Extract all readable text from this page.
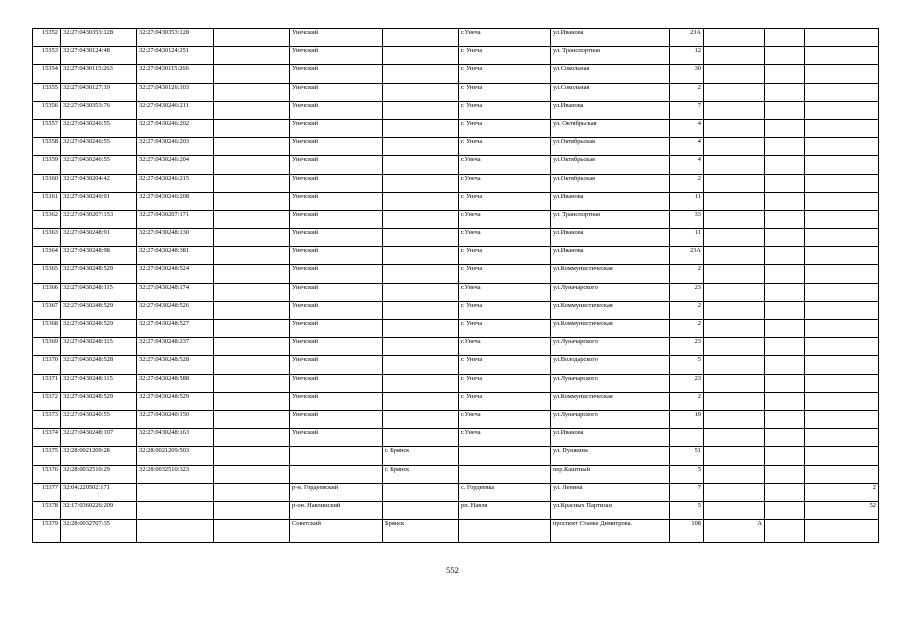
15352	32:27:0430353:128	32:27:0430353:128		Унечский		г.Унеча	ул.Иванова	23А			
15353	32:27:0430124:48	32:27:0430124:251		Унечский		г. Унеча	ул. Транспортная	12			
15354	32:27:0430115:263	32:27:0430115:266		Унечский		г. Унеча	ул.Сокольная	30			
15355	32:27:0430127:19	32:27:0430126:103		Унечский		г. Унеча	ул.Сокольная	2			
15356	32:27:0430353:76	32:27:0430246:211		Унечский		г. Унеча	ул.Иванова	7			
15357	32:27:0430246:55	32:27:0430246:202		Унечский		г. Унеча	ул. Октябрьская	4			
15358	32:27:0430246:55	32:27:0430246:203		Унечский		г. Унеча	ул.Октябрьская	4			
15359	32:27:0430246:55	32:27:0430246:204		Унечский		г.Унеча	ул.Октябрьская	4			
15360	32:27:0430204:42	32:27:0430246:215		Унечский		г.Унеча	ул.Октябрьская	2			
15361	32:27:0430249:91	32:27:0430246:208		Унечский		г. Унеча	ул.Иванова	11			
15362	32:27:0430207:153	32:27:0430207:171		Унечский		г.Унеча	ул. Транспортная	33			
15363	32:27:0430248:91	32:27:0430248:130		Унечский		г.Унеча	ул.Иванова	11			
15364	32:27:0430248:98	32:27:0430248:381		Унечский		г. Унеча	ул.Иванова	23А			
15365	32:27:0430248:529	32:27:0430248:524		Унечский		г. Унеча	ул.Коммунистическая	2			
15366	32:27:0430248:115	32:27:0430248:174		Унечский		г.Унеча	ул.Луначарского	23			
15367	32:27:0430248:529	32:27:0430248:526		Унечский		г. Унеча	ул.Коммунистическая	2			
15368	32:27:0430248:529	32:27:0430248:527		Унечский		г. Унеча	ул.Коммунистическая	2			
15369	32:27:0430248:115	32:27:0430248:237		Унечский		г.Унеча	ул.Луначарского	23			
15370	32:27:0430248:528	32:27:0430248:528		Унечский		г. Унеча	ул.Володарского	5			
15371	32:27:0430248:115	32:27:0430248:588		Унечский		г. Унеча	ул.Луначарского	23			
15372	32:27:0430248:529	32:27:0430248:529		Унечский		г. Унеча	ул.Коммунистическая	2			
15373	32:27:0430240:55	32:27:0430240:150		Унечский		г.Унеча	ул.Луначарского	19			
15374	32:27:0430248:107	32:27:0430248:163		Унечский		г.Унеча	ул.Иванова				
15375	32:28:0021209:28	32:28:0021209:503			г. Брянск		ул. Пушкина	51			
15376	32:28:0032510:29	32:28:0032510:323			г. Брянск		пер.Каштный	5			
15377	32:04:220502:171			р-н. Гордеевский		с. Гордеевка	ул. Ленина	7			2
15378	32:17:0360226:209			р-он. Навлинский		рп. Навля	ул.Красных Партизан	5			52
15379	32:28:0032707:35			Советский	Брянск		проспект Станке Димитрова.	108	А		
552
